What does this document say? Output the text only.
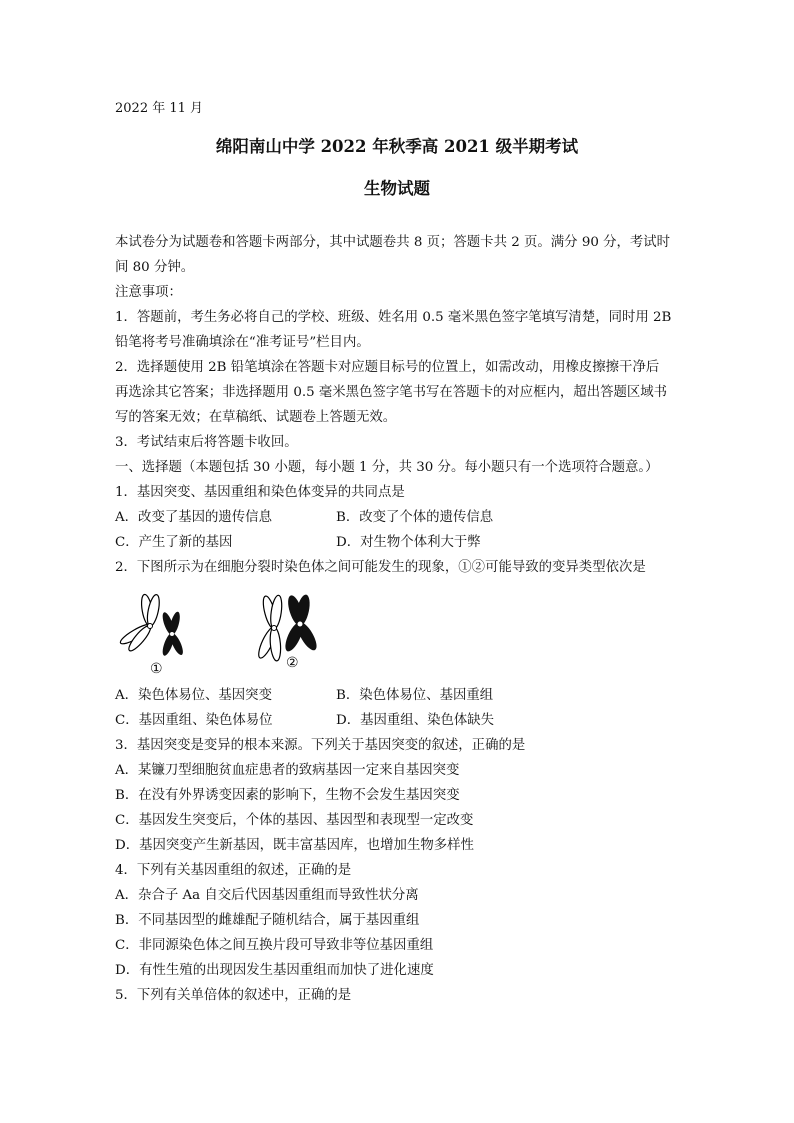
2022 年 11 月
绵阳南山中学 2022 年秋季高 2021 级半期考试
生物试题
本试卷分为试题卷和答题卡两部分，其中试题卷共 8 页；答题卡共 2 页。满分 90 分，考试时
间 80 分钟。
注意事项：
1．答题前，考生务必将自己的学校、班级、姓名用 0.5 毫米黑色签字笔填写清楚，同时用 2B
铅笔将考号准确填涂在“准考证号”栏目内。
2．选择题使用 2B 铅笔填涂在答题卡对应题目标号的位置上，如需改动，用橡皮擦擦干净后
再选涂其它答案；非选择题用 0.5 毫米黑色签字笔书写在答题卡的对应框内，超出答题区域书
写的答案无效；在草稿纸、试题卷上答题无效。
3．考试结束后将答题卡收回。
一、选择题（本题包括 30 小题，每小题 1 分，共 30 分。每小题只有一个选项符合题意。）
1．基因突变、基因重组和染色体变异的共同点是
A．改变了基因的遗传信息	B．改变了个体的遗传信息
C．产生了新的基因	D．对生物个体利大于弊
2．下图所示为在细胞分裂时染色体之间可能发生的现象，①②可能导致的变异类型依次是
①	②
A．染色体易位、基因突变	B．染色体易位、基因重组
C．基因重组、染色体易位	D．基因重组、染色体缺失
3．基因突变是变异的根本来源。下列关于基因突变的叙述，正确的是
A．某镰刀型细胞贫血症患者的致病基因一定来自基因突变
B．在没有外界诱变因素的影响下，生物不会发生基因突变
C．基因发生突变后，个体的基因、基因型和表现型一定改变
D．基因突变产生新基因，既丰富基因库，也增加生物多样性
4．下列有关基因重组的叙述，正确的是
A．杂合子 Aa 自交后代因基因重组而导致性状分离
B．不同基因型的雌雄配子随机结合，属于基因重组
C．非同源染色体之间互换片段可导致非等位基因重组
D．有性生殖的出现因发生基因重组而加快了进化速度
5．下列有关单倍体的叙述中，正确的是
